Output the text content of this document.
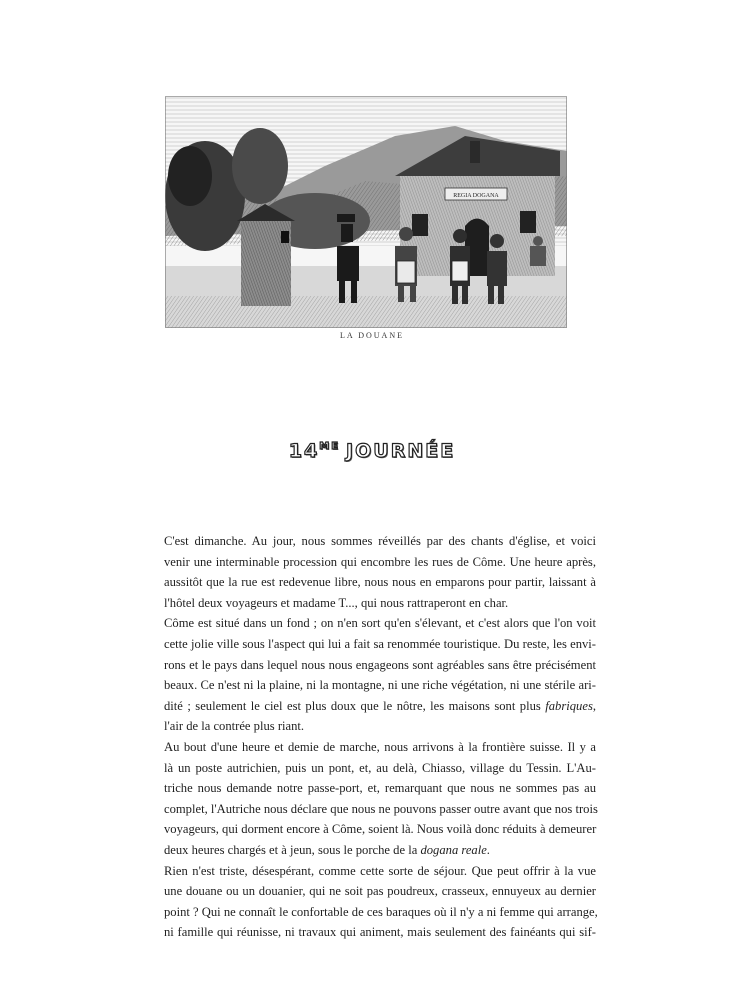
REGIA DOGANA
LA DOUANE
$14^{ME}$ JOURNÉE

C'est dimanche. Au jour, nous sommes réveillés par des chants d'église, et voici
venir une interminable procession qui encombre les rues de Côme. Une heure après,
aussitôt que la rue est redevenue libre, nous nous en emparons pour partir, laissant à
l'hôtel deux voyageurs et madame T..., qui nous rattraperont en char.

Côme est situé dans un fond ; on n'en sort qu'en s'élevant, et c'est alors que l'on voit
cette jolie ville sous l'aspect qui lui a fait sa renommée touristique. Du reste, les envi-
rons et le pays dans lequel nous nous engageons sont agréables sans être précisément
beaux. Ce n'est ni la plaine, ni la montagne, ni une riche végétation, ni une stérile ari-
dité ; seulement le ciel est plus doux que le nôtre, les maisons sont plus fabriques,
l'air de la contrée plus riant.

Au bout d'une heure et demie de marche, nous arrivons à la frontière suisse. Il y a
là un poste autrichien, puis un pont, et, au delà, Chiasso, village du Tessin. L'Au-
triche nous demande notre passe-port, et, remarquant que nous ne sommes pas au
complet, l'Autriche nous déclare que nous ne pouvons passer outre avant que nos trois
voyageurs, qui dorment encore à Côme, soient là. Nous voilà donc réduits à demeurer
deux heures chargés et à jeun, sous le porche de la dogana reale.

Rien n'est triste, désespérant, comme cette sorte de séjour. Que peut offrir à la vue
une douane ou un douanier, qui ne soit pas poudreux, crasseux, ennuyeux au dernier
point ? Qui ne connaît le confortable de ces baraques où il n'y a ni femme qui arrange,
ni famille qui réunisse, ni travaux qui animent, mais seulement des fainéants qui sif-
